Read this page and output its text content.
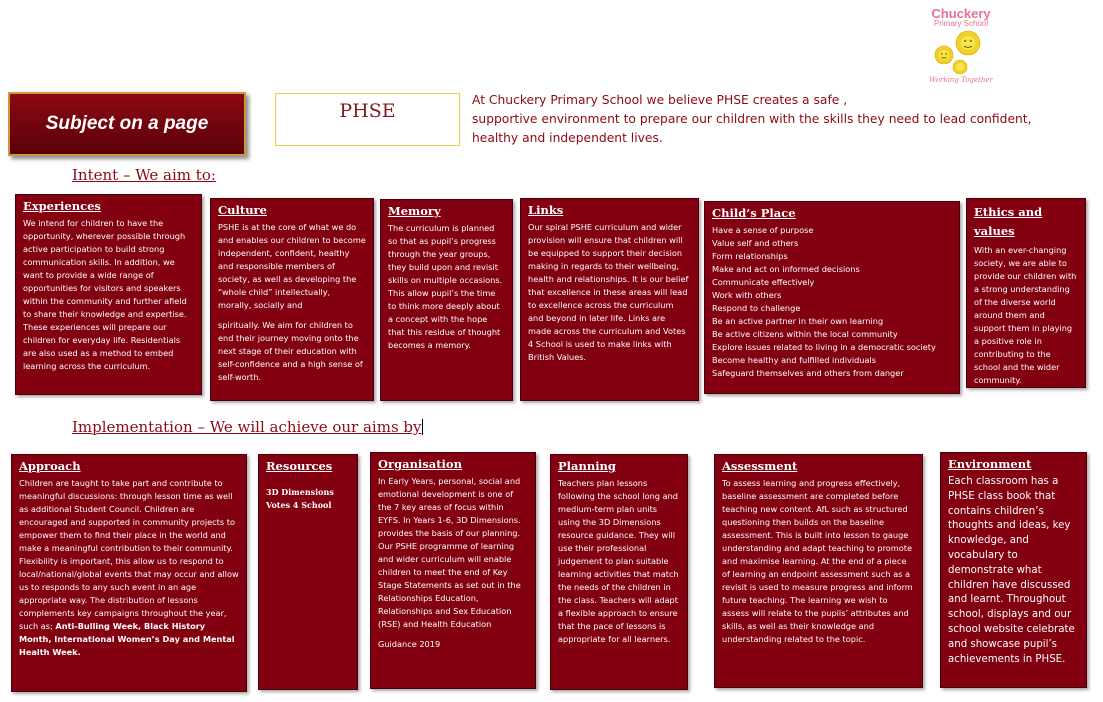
Chuckery
Primary School
Working Together
Subject on a page
PHSE	At Chuckery Primary School we believe PHSE creates a safe ,
supportive environment to prepare our children with the skills they need to lead confident,
healthy and independent lives.
Intent – We aim to:
Experiences
We intend for children to have the opportunity, wherever possible through active participation to build strong communication skills. In addition, we want to provide a wide range of opportunities for visitors and speakers within the community and further afield to share their knowledge and expertise. These experiences will prepare our children for everyday life. Residentials are also used as a method to embed learning across the curriculum.
Culture

PSHE is at the core of what we do and enables our children to become independent, confident, healthy and responsible members of society, as well as developing the “whole child” intellectually, morally, socially and

spiritually. We aim for children to end their journey moving onto the next stage of their education with self-confidence and a high sense of self-worth.

Memory
The curriculum is planned so that as pupil’s progress through the year groups, they build upon and revisit skills on multiple occasions. This allow pupil’s the time to think more deeply about a concept with the hope that this residue of thought becomes a memory.
Links
Our spiral PSHE curriculum and wider provision will ensure that children will be equipped to support their decision making in regards to their wellbeing, health and relationships. It is our belief that excellence in these areas will lead to excellence across the curriculum and beyond in later life. Links are made across the curriculum and Votes 4 School is used to make links with British Values.
Child’s Place
Have a sense of purpose
Value self and others
Form relationships
Make and act on informed decisions
Communicate effectively
Work with others
Respond to challenge
Be an active partner in their own learning
Be active citizens within the local community
Explore issues related to living in a democratic society
Become healthy and fulfilled individuals
Safeguard themselves and others from danger
Ethics and values
With an ever-changing society, we are able to provide our children with a strong understanding of the diverse world around them and support them in playing a positive role in contributing to the school and the wider community.
Implementation – We will achieve our aims by
Approach
Children are taught to take part and contribute to meaningful discussions: through lesson time as well as additional Student Council. Children are encouraged and supported in community projects to empower them to find their place in the world and make a meaningful contribution to their community. Flexibility is important, this allow us to respond to local/national/global events that may occur and allow us to responds to any such event in an age appropriate way. The distribution of lessons complements key campaigns throughout the year, such as; Anti-Bulling Week, Black History Month, International Women’s Day and Mental Health Week.
Resources
3D Dimensions
Votes 4 School
Organisation

In Early Years, personal, social and emotional development is one of the 7 key areas of focus within EYFS. In Years 1-6, 3D Dimensions. provides the basis of our planning. Our PSHE programme of learning and wider curriculum will enable children to meet the end of Key Stage Statements as set out in the Relationships Education, Relationships and Sex Education (RSE) and Health Education

Guidance 2019

Planning
Teachers plan lessons following the school long and medium-term plan units using the 3D Dimensions resource guidance. They will use their professional judgement to plan suitable learning activities that match the needs of the children in the class. Teachers will adapt a flexible approach to ensure that the pace of lessons is appropriate for all learners.
Assessment
To assess learning and progress effectively, baseline assessment are completed before teaching new content. AfL such as structured questioning then builds on the baseline assessment. This is built into lesson to gauge understanding and adapt teaching to promote and maximise learning. At the end of a piece of learning an endpoint assessment such as a revisit is used to measure progress and inform future teaching. The learning we wish to assess will relate to the pupils’ attributes and skills, as well as their knowledge and understanding related to the topic.
Environment
Each classroom has a PHSE class book that contains children’s thoughts and ideas, key knowledge, and vocabulary to demonstrate what children have discussed and learnt. Throughout school, displays and our school website celebrate and showcase pupil’s achievements in PHSE.
